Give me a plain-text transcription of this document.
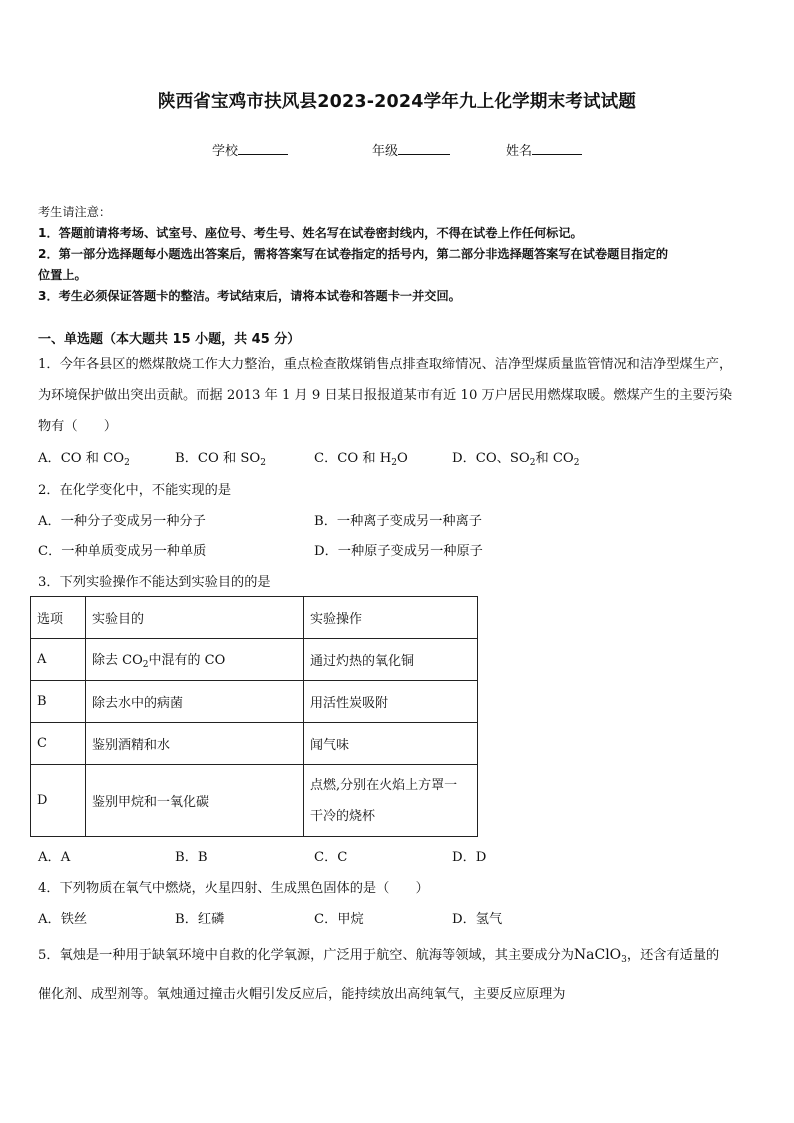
陕西省宝鸡市扶风县2023-2024学年九上化学期末考试试题
学校	年级	姓名
考生请注意：
1．答题前请将考场、试室号、座位号、考生号、姓名写在试卷密封线内，不得在试卷上作任何标记。
2．第一部分选择题每小题选出答案后，需将答案写在试卷指定的括号内，第二部分非选择题答案写在试卷题目指定的
位置上。
3．考生必须保证答题卡的整洁。考试结束后，请将本试卷和答题卡一并交回。
一、单选题（本大题共 15 小题，共 45 分）
1．今年各县区的燃煤散烧工作大力整治，重点检查散煤销售点排查取缔情况、洁净型煤质量监管情况和洁净型煤生产，
为环境保护做出突出贡献。而据 2013 年 1 月 9 日某日报报道某市有近 10 万户居民用燃煤取暖。燃煤产生的主要污染
物有（　　）
A．CO 和 $CO_2$	B．CO 和 $SO_2$	C．CO 和 $H_2O$	D．CO、$SO_2$和 $CO_2$
2．在化学变化中，不能实现的是
A．一种分子变成另一种分子	B．一种离子变成另一种离子
C．一种单质变成另一种单质	D．一种原子变成另一种原子
3．下列实验操作不能达到实验目的的是
选项	实验目的	实验操作
A	除去 $CO_2$中混有的 CO	通过灼热的氧化铜
B	除去水中的病菌	用活性炭吸附
C	鉴别酒精和水	闻气味
D	鉴别甲烷和一氧化碳	点燃,分别在火焰上方罩一
干冷的烧杯
A．A	B．B	C．C	D．D
4．下列物质在氧气中燃烧，火星四射、生成黑色固体的是（　　）
A．铁丝	B．红磷	C．甲烷	D．氢气
5．氧烛是一种用于缺氧环境中自救的化学氧源，广泛用于航空、航海等领域，其主要成分为NaClO$_3$，还含有适量的
催化剂、成型剂等。氧烛通过撞击火帽引发反应后，能持续放出高纯氧气，主要反应原理为
